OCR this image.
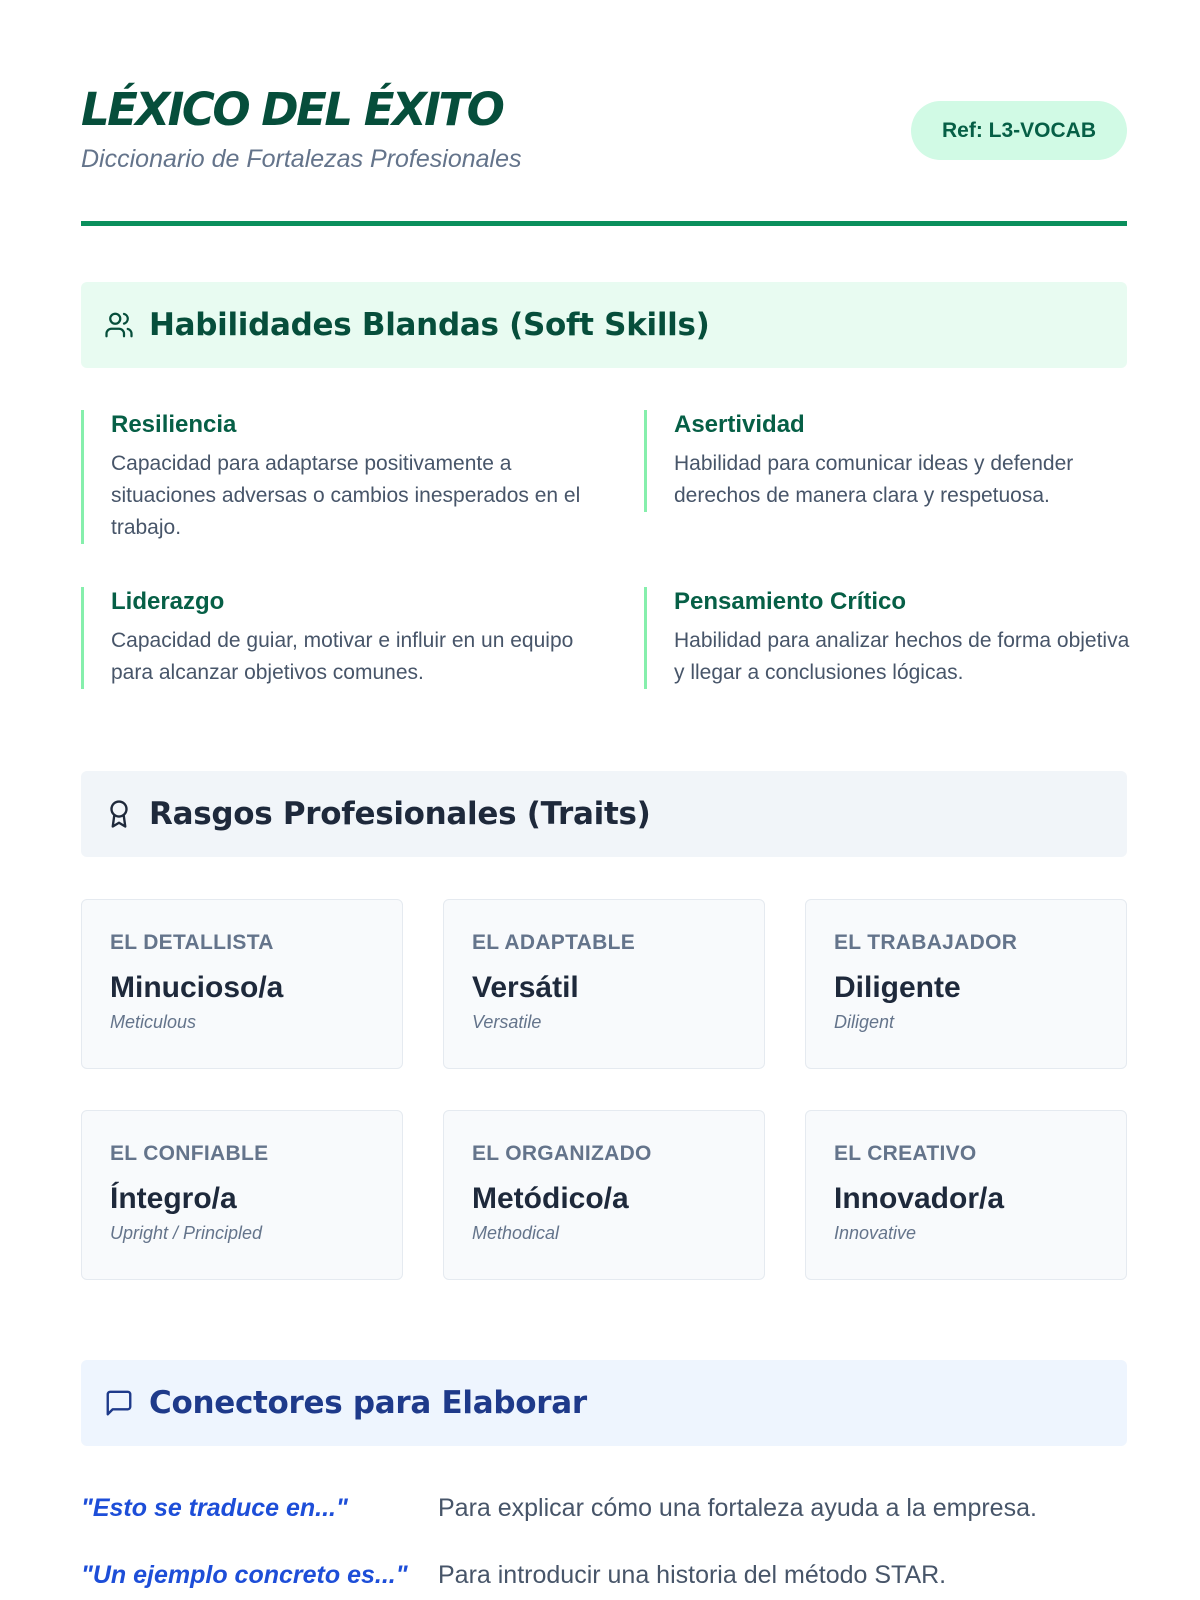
LÉXICO DEL ÉXITO
Diccionario de Fortalezas Profesionales
Ref: L3-VOCAB
Habilidades Blandas (Soft Skills)
Resiliencia
Capacidad para adaptarse positivamente a situaciones adversas o cambios inesperados en el trabajo.
Asertividad
Habilidad para comunicar ideas y defender derechos de manera clara y respetuosa.
Liderazgo
Capacidad de guiar, motivar e influir en un equipo para alcanzar objetivos comunes.
Pensamiento Crítico
Habilidad para analizar hechos de forma objetiva y llegar a conclusiones lógicas.
Rasgos Profesionales (Traits)
EL DETALLISTA
Minucioso/a
Meticulous
EL ADAPTABLE
Versátil
Versatile
EL TRABAJADOR
Diligente
Diligent
EL CONFIABLE
Íntegro/a
Upright / Principled
EL ORGANIZADO
Metódico/a
Methodical
EL CREATIVO
Innovador/a
Innovative
Conectores para Elaborar
"Esto se traduce en..."	Para explicar cómo una fortaleza ayuda a la empresa.
"Un ejemplo concreto es..." Para introducir una historia del método STAR.
